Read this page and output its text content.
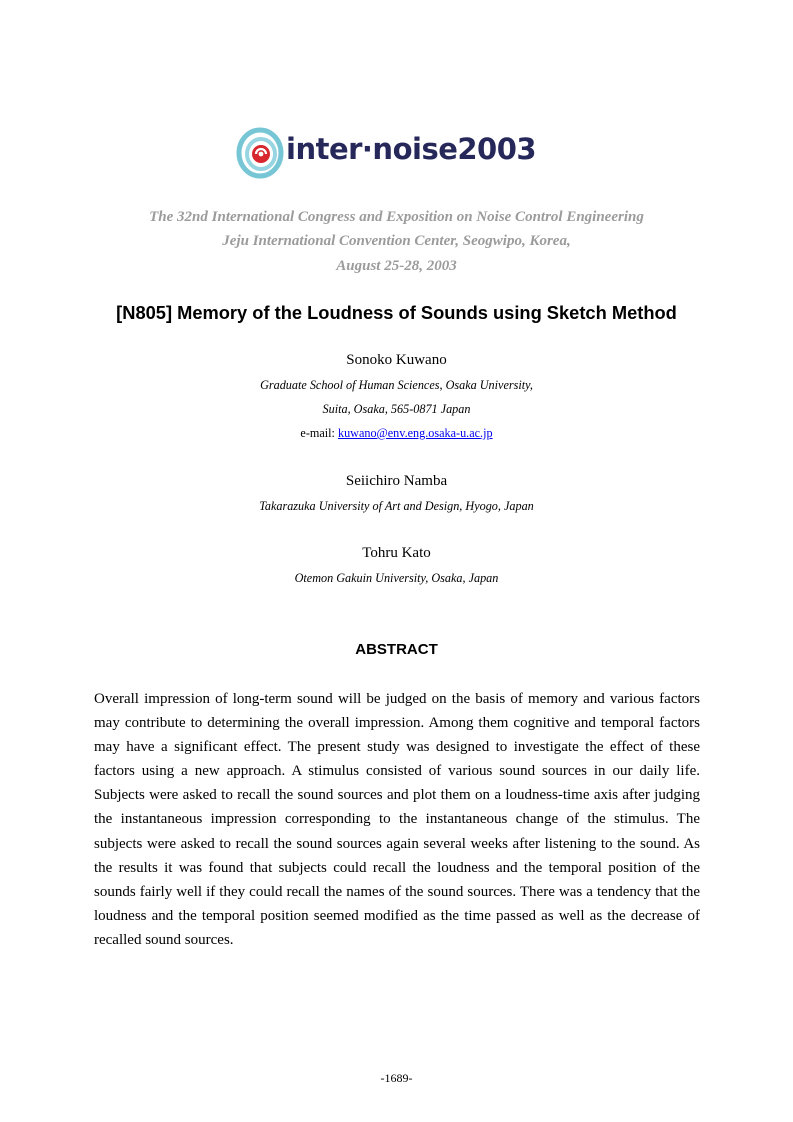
inter·noise2003
The 32nd International Congress and Exposition on Noise Control Engineering
Jeju International Convention Center, Seogwipo, Korea,
August 25-28, 2003
[N805] Memory of the Loudness of Sounds using Sketch Method
Sonoko Kuwano
Graduate School of Human Sciences, Osaka University,
Suita, Osaka, 565-0871 Japan
e-mail: kuwano@env.eng.osaka-u.ac.jp
Seiichiro Namba
Takarazuka University of Art and Design, Hyogo, Japan
Tohru Kato
Otemon Gakuin University, Osaka, Japan
ABSTRACT
Overall impression of long-term sound will be judged on the basis of memory and various factors may contribute to determining the overall impression. Among them cognitive and temporal factors may have a significant effect. The present study was designed to investigate the effect of these factors using a new approach. A stimulus consisted of various sound sources in our daily life. Subjects were asked to recall the sound sources and plot them on a loudness-time axis after judging the instantaneous impression corresponding to the instantaneous change of the stimulus. The subjects were asked to recall the sound sources again several weeks after listening to the sound. As the results it was found that subjects could recall the loudness and the temporal position of the sounds fairly well if they could recall the names of the sound sources. There was a tendency that the loudness and the temporal position seemed modified as the time passed as well as the decrease of recalled sound sources.
-1689-
